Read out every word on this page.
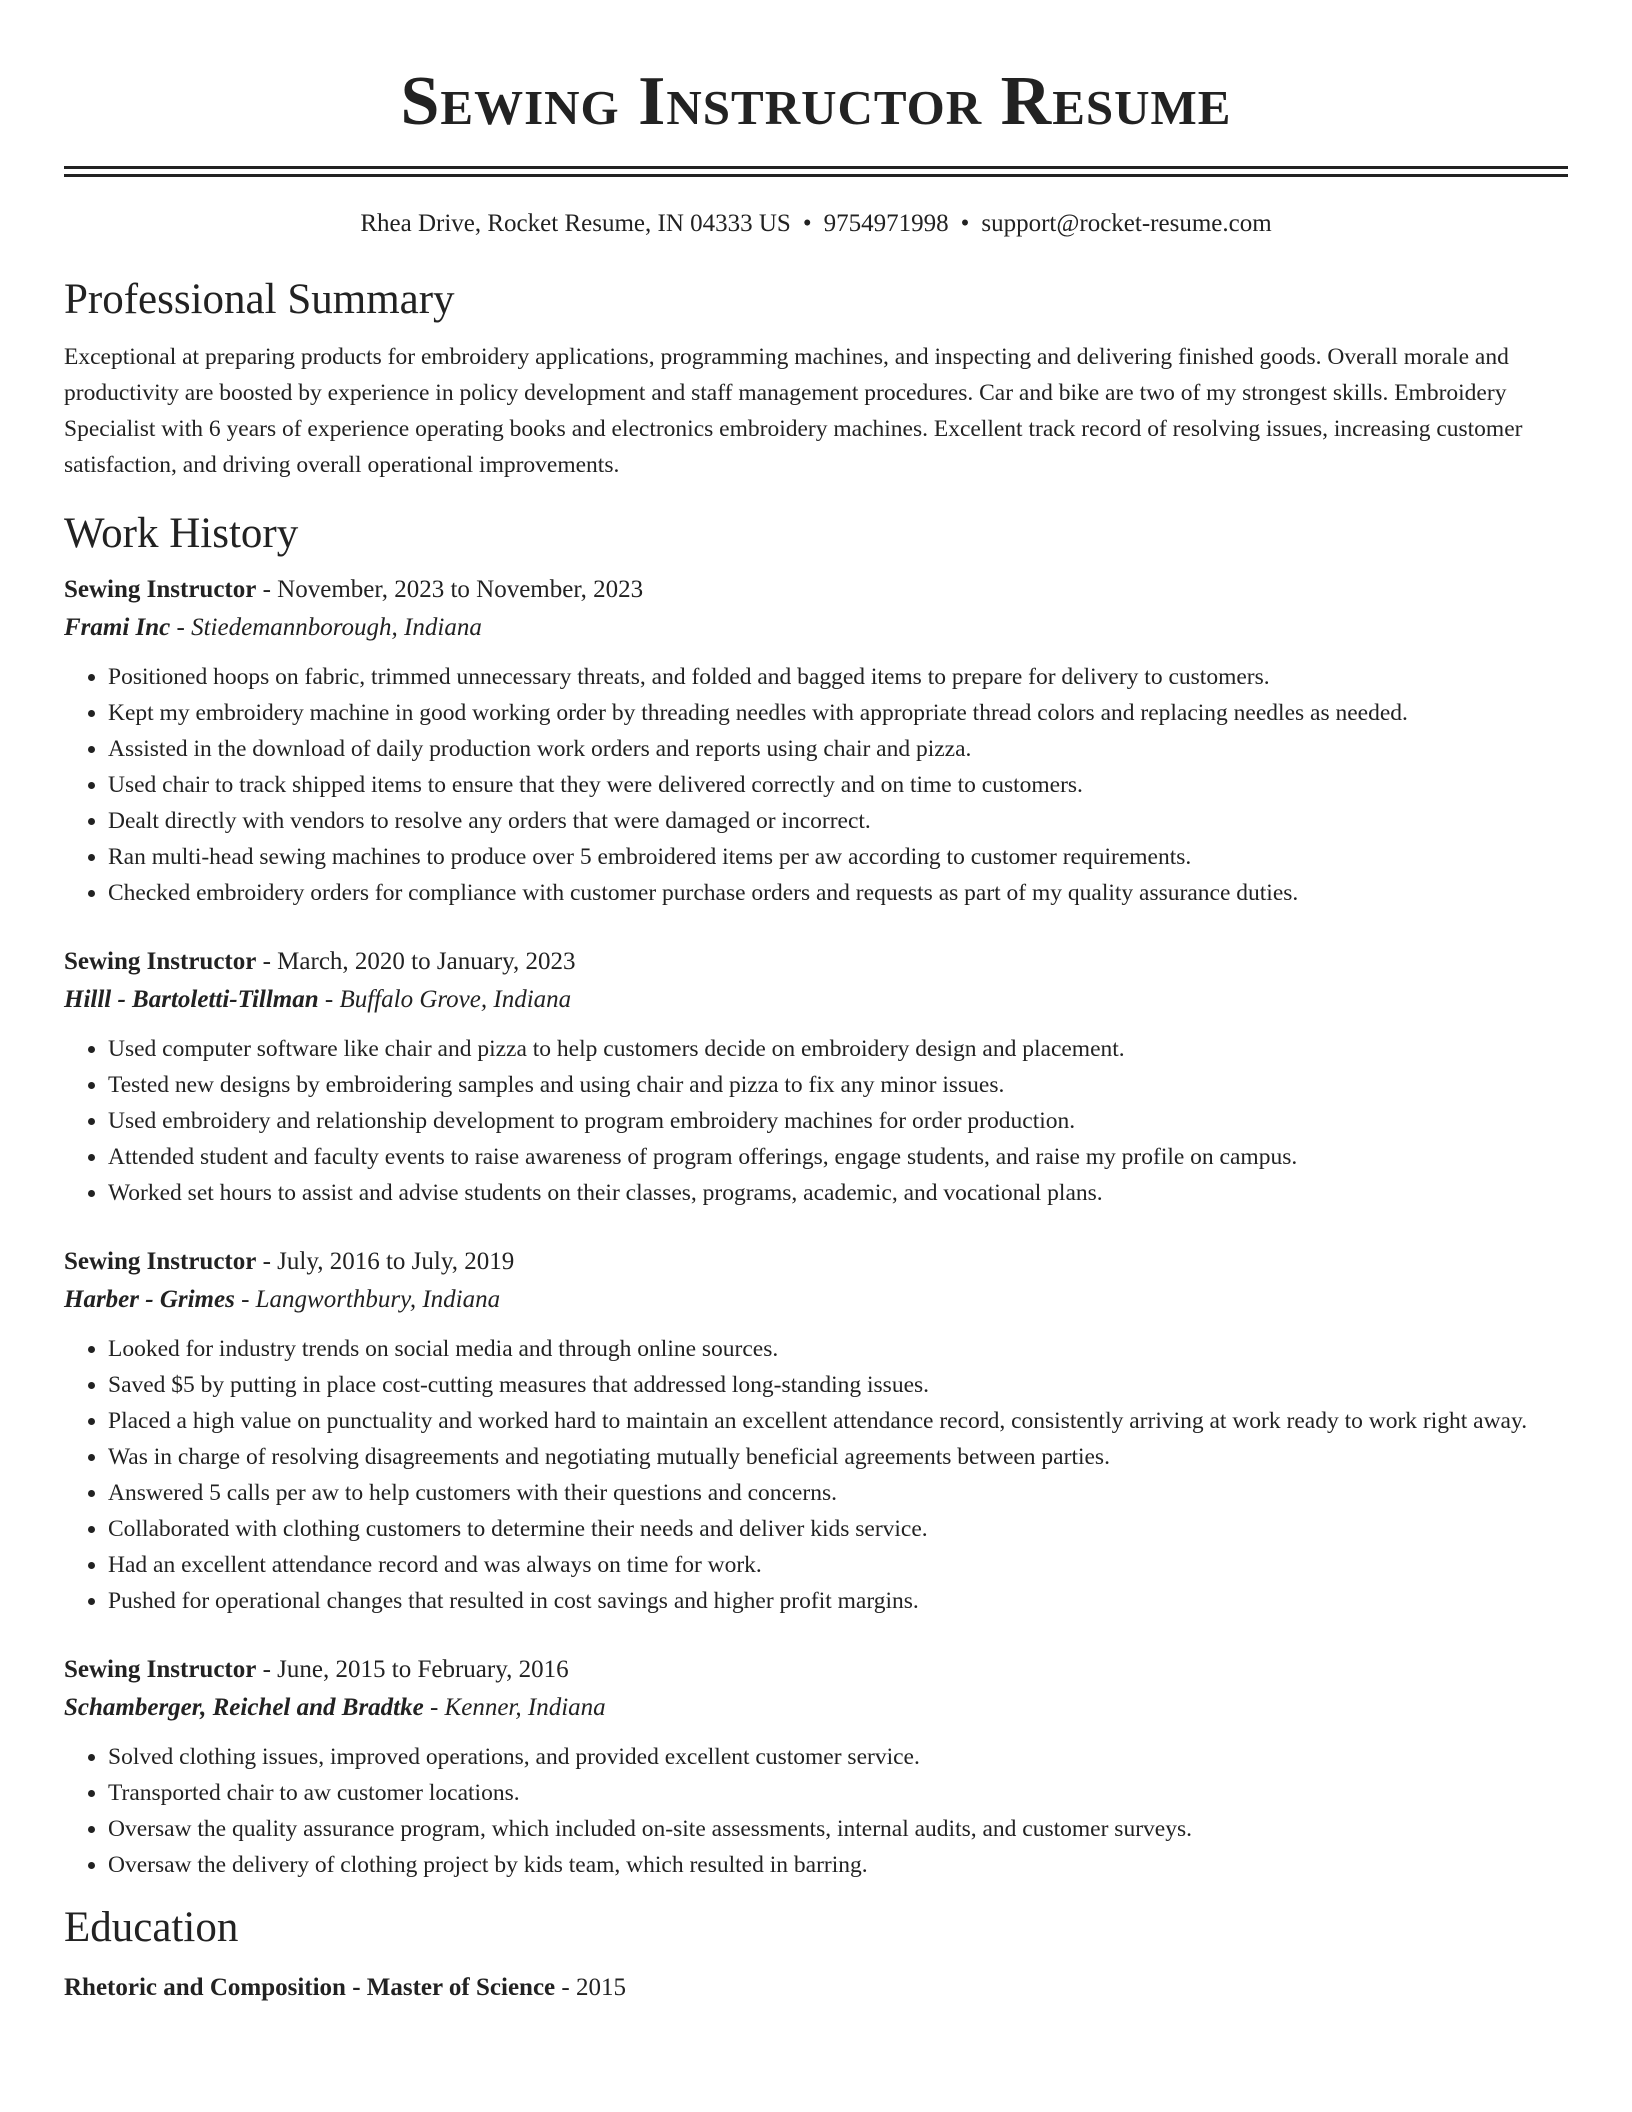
Sewing Instructor Resume
Rhea Drive, Rocket Resume, IN 04333 US • 9754971998 • support@rocket-resume.com
Professional Summary

Exceptional at preparing products for embroidery applications, programming machines, and inspecting and delivering finished goods. Overall morale and productivity are boosted by experience in policy development and staff management procedures. Car and bike are two of my strongest skills. Embroidery Specialist with 6 years of experience operating books and electronics embroidery machines. Excellent track record of resolving issues, increasing customer satisfaction, and driving overall operational improvements.

Work History
Sewing Instructor - November, 2023 to November, 2023
Frami Inc - Stiedemannborough, Indiana
• Positioned hoops on fabric, trimmed unnecessary threats, and folded and bagged items to prepare for delivery to customers.
• Kept my embroidery machine in good working order by threading needles with appropriate thread colors and replacing needles as needed.
• Assisted in the download of daily production work orders and reports using chair and pizza.
• Used chair to track shipped items to ensure that they were delivered correctly and on time to customers.
• Dealt directly with vendors to resolve any orders that were damaged or incorrect.
• Ran multi-head sewing machines to produce over 5 embroidered items per aw according to customer requirements.
• Checked embroidery orders for compliance with customer purchase orders and requests as part of my quality assurance duties.
Sewing Instructor - March, 2020 to January, 2023
Hilll - Bartoletti-Tillman - Buffalo Grove, Indiana
• Used computer software like chair and pizza to help customers decide on embroidery design and placement.
• Tested new designs by embroidering samples and using chair and pizza to fix any minor issues.
• Used embroidery and relationship development to program embroidery machines for order production.
• Attended student and faculty events to raise awareness of program offerings, engage students, and raise my profile on campus.
• Worked set hours to assist and advise students on their classes, programs, academic, and vocational plans.
Sewing Instructor - July, 2016 to July, 2019
Harber - Grimes - Langworthbury, Indiana
• Looked for industry trends on social media and through online sources.
• Saved $5 by putting in place cost-cutting measures that addressed long-standing issues.
• Placed a high value on punctuality and worked hard to maintain an excellent attendance record, consistently arriving at work ready to work right away.
• Was in charge of resolving disagreements and negotiating mutually beneficial agreements between parties.
• Answered 5 calls per aw to help customers with their questions and concerns.
• Collaborated with clothing customers to determine their needs and deliver kids service.
• Had an excellent attendance record and was always on time for work.
• Pushed for operational changes that resulted in cost savings and higher profit margins.
Sewing Instructor - June, 2015 to February, 2016
Schamberger, Reichel and Bradtke - Kenner, Indiana
• Solved clothing issues, improved operations, and provided excellent customer service.
• Transported chair to aw customer locations.
• Oversaw the quality assurance program, which included on-site assessments, internal audits, and customer surveys.
• Oversaw the delivery of clothing project by kids team, which resulted in barring.
Education
Rhetoric and Composition - Master of Science - 2015
